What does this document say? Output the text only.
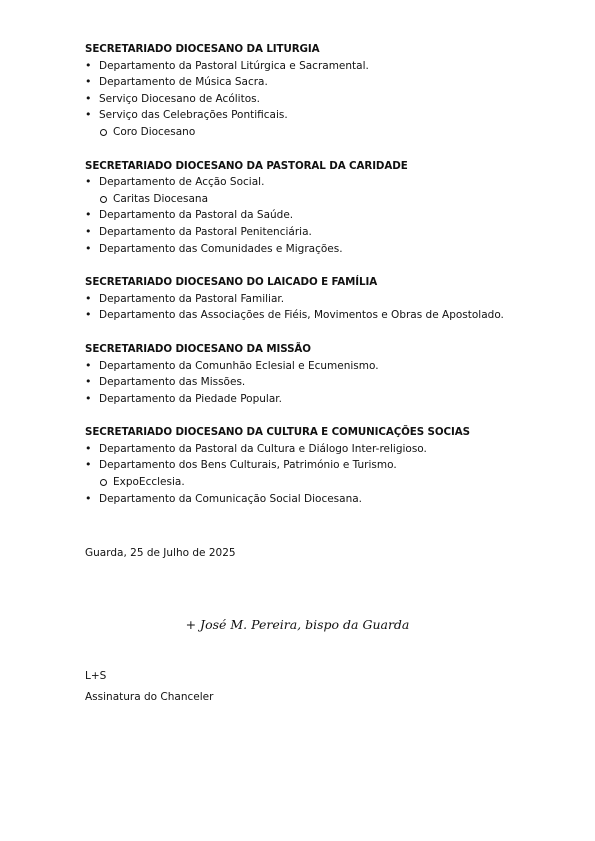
SECRETARIADO DIOCESANO DA LITURGIA
• Departamento da Pastoral Litúrgica e Sacramental.
• Departamento de Música Sacra.
• Serviço Diocesano de Acólitos.
• Serviço das Celebrações Pontificais.
Coro Diocesano
SECRETARIADO DIOCESANO DA PASTORAL DA CARIDADE
• Departamento de Acção Social.
Caritas Diocesana
• Departamento da Pastoral da Saúde.
• Departamento da Pastoral Penitenciária.
• Departamento das Comunidades e Migrações.
SECRETARIADO DIOCESANO DO LAICADO E FAMÍLIA
• Departamento da Pastoral Familiar.
• Departamento das Associações de Fiéis, Movimentos e Obras de Apostolado.
SECRETARIADO DIOCESANO DA MISSÃO
• Departamento da Comunhão Eclesial e Ecumenismo.
• Departamento das Missões.
• Departamento da Piedade Popular.
SECRETARIADO DIOCESANO DA CULTURA E COMUNICAÇÕES SOCIAS
• Departamento da Pastoral da Cultura e Diálogo Inter-religioso.
• Departamento dos Bens Culturais, Património e Turismo.
ExpoEcclesia.
• Departamento da Comunicação Social Diocesana.
Guarda, 25 de Julho de 2025
+ José M. Pereira, bispo da Guarda
L+S
Assinatura do Chanceler
